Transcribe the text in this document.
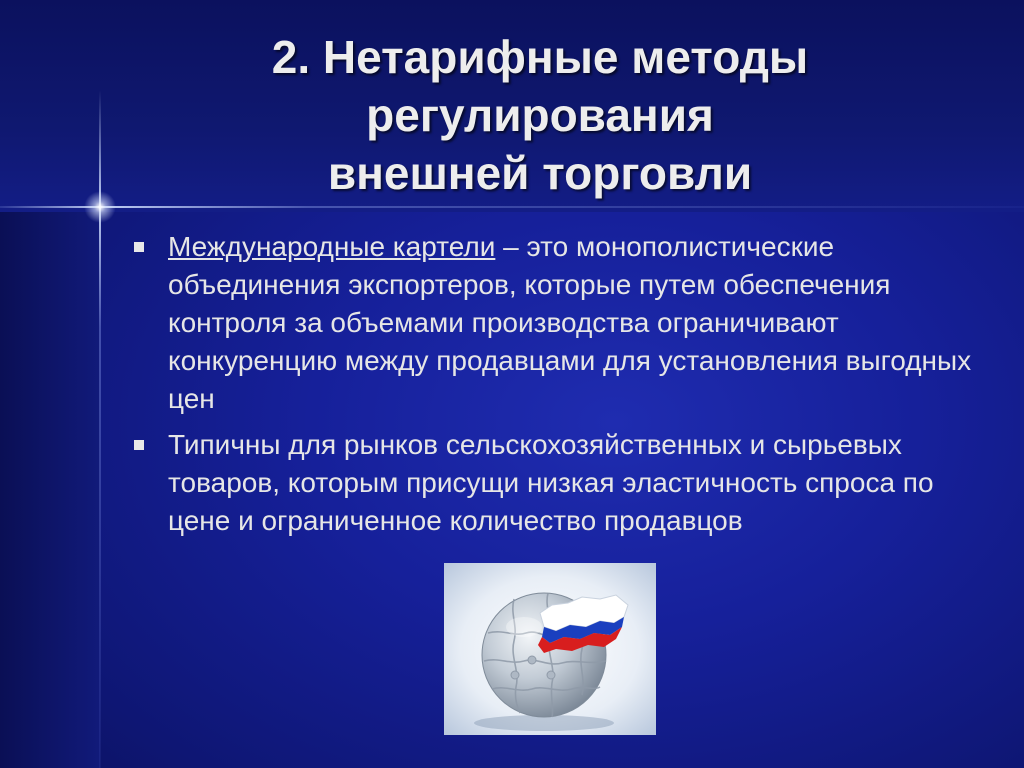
2. Нетарифные методы
регулирования
внешней торговли
Международные картели – это монополистические объединения экспортеров, которые путем обеспечения контроля за объемами производства ограничивают конкуренцию между продавцами для установления выгодных цен
Типичны для рынков сельскохозяйственных и сырьевых товаров, которым присущи низкая эластичность спроса по цене и ограниченное количество продавцов
